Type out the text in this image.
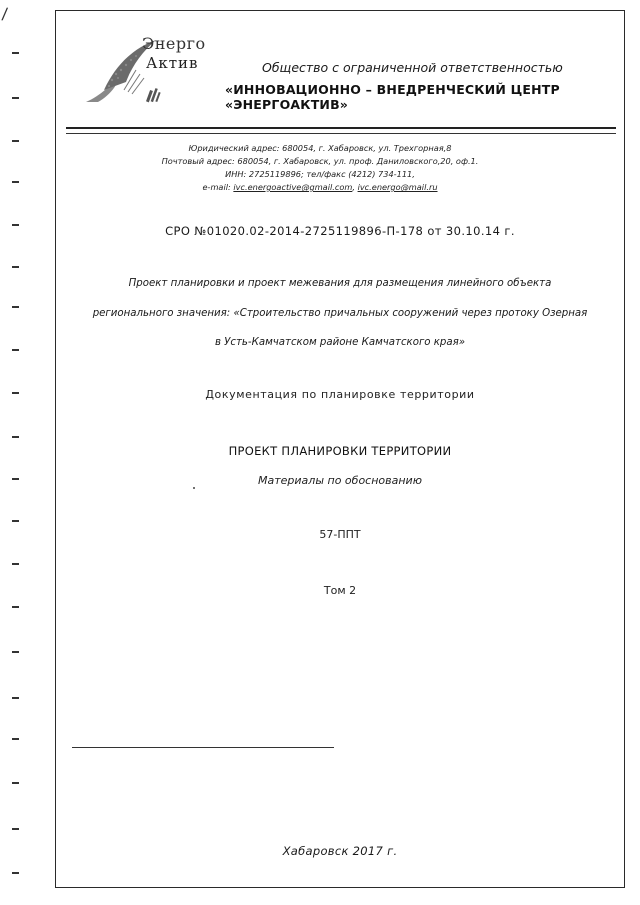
/
Энерго
Актив	Общество с ограниченной ответственностью
«ИННОВАЦИОННО – ВНЕДРЕНЧЕСКИЙ ЦЕНТР «ЭНЕРГОАКТИВ»
Юридический адрес: 680054, г. Хабаровск, ул. Трехгорная,8
Почтовый адрес: 680054, г. Хабаровск, ул. проф. Даниловского,20, оф.1.
ИНН: 2725119896; тел/факс (4212) 734-111,
e-mail: ivc.energoactive@gmail.com, ivc.energo@mail.ru
СРО №01020.02-2014-2725119896-П-178 от 30.10.14 г.
Проект планировки и проект межевания для размещения линейного объекта
регионального значения: «Строительство причальных сооружений через протоку Озерная
в Усть-Камчатском районе Камчатского края»
Документация по планировке территории
ПРОЕКТ ПЛАНИРОВКИ ТЕРРИТОРИИ
Материалы по обоснованию
57-ППТ
Том 2
Хабаровск 2017 г.
